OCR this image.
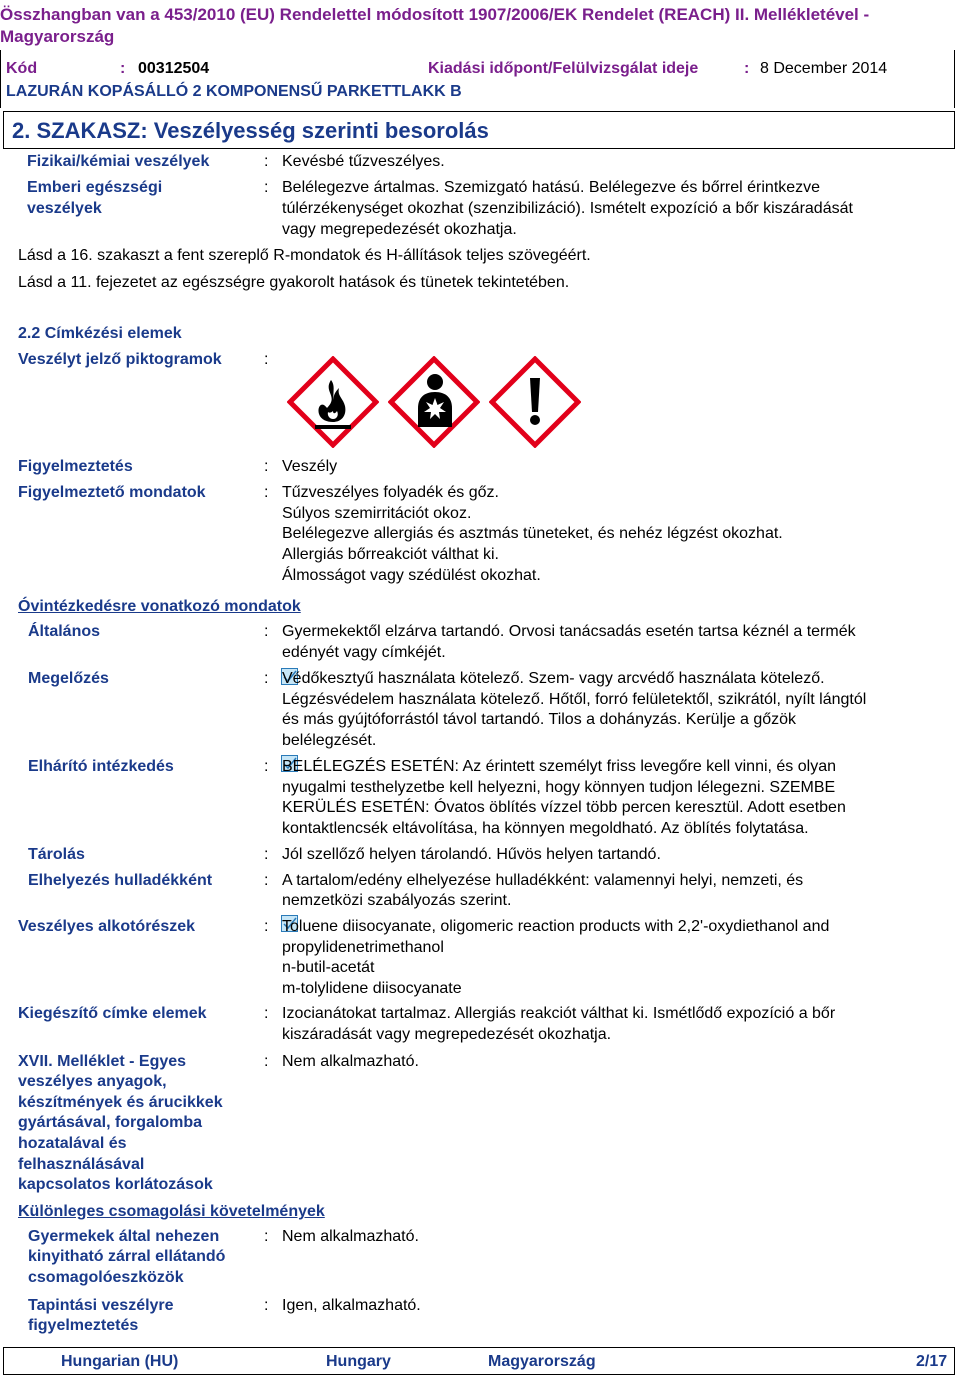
Összhangban van a 453/2010 (EU) Rendelettel módosított 1907/2006/EK Rendelet (REACH) II. Mellékletével - Magyarország
Kód	: 00312504	Kiadási időpont/Felülvizsgálat ideje	: 8 December 2014
LAZURÁN KOPÁSÁLLÓ 2 KOMPONENSŰ PARKETTLAKK B
2. SZAKASZ: Veszélyesség szerinti besorolás
Fizikai/kémiai veszélyek	: Kevésbé tűzveszélyes.
Emberi egészségi
veszélyek
: Belélegezve ártalmas. Szemizgató hatású. Belélegezve és bőrrel érintkezve
túlérzékenységet okozhat (szenzibilizáció). Ismételt expozíció a bőr kiszáradását
vagy megrepedezését okozhatja.
Lásd a 16. szakaszt a fent szereplő R-mondatok és H-állítások teljes szövegéért.
Lásd a 11. fejezetet az egészségre gyakorolt hatások és tünetek tekintetében.
2.2 Címkézési elemek
Veszélyt jelző piktogramok	:
Figyelmeztetés	: Veszély
Figyelmeztető mondatok	: Tűzveszélyes folyadék és gőz.
Súlyos szemirritációt okoz.
Belélegezve allergiás és asztmás tüneteket, és nehéz légzést okozhat.
Allergiás bőrreakciót válthat ki.
Álmosságot vagy szédülést okozhat.
Óvintézkedésre vonatkozó mondatok
Általános	: Gyermekektől elzárva tartandó. Orvosi tanácsadás esetén tartsa kéznél a termék
edényét vagy címkéjét.
Megelőzés	: Védőkesztyű használata kötelező. Szem- vagy arcvédő használata kötelező.
Légzésvédelem használata kötelező. Hőtől, forró felületektől, szikrától, nyílt lángtól
és más gyújtóforrástól távol tartandó. Tilos a dohányzás. Kerülje a gőzök
belélegzését.
Elhárító intézkedés	: BELÉLEGZÉS ESETÉN: Az érintett személyt friss levegőre kell vinni, és olyan
nyugalmi testhelyzetbe kell helyezni, hogy könnyen tudjon lélegezni. SZEMBE
KERÜLÉS ESETÉN: Óvatos öblítés vízzel több percen keresztül. Adott esetben
kontaktlencsék eltávolítása, ha könnyen megoldható. Az öblítés folytatása.
Tárolás	: Jól szellőző helyen tárolandó. Hűvös helyen tartandó.
Elhelyezés hulladékként	: A tartalom/edény elhelyezése hulladékként: valamennyi helyi, nemzeti, és
nemzetközi szabályozás szerint.
Veszélyes alkotórészek	: Toluene diisocyanate, oligomeric reaction products with 2,2'-oxydiethanol and
propylidenetrimethanol
n-butil-acetát
m-tolylidene diisocyanate
Kiegészítő címke elemek	: Izocianátokat tartalmaz. Allergiás reakciót válthat ki. Ismétlődő expozíció a bőr
kiszáradását vagy megrepedezését okozhatja.
XVII. Melléklet - Egyes
veszélyes anyagok,
készítmények és árucikkek
gyártásával, forgalomba
hozatalával és
felhasználásával
kapcsolatos korlátozások
: Nem alkalmazható.
Különleges csomagolási követelmények
Gyermekek által nehezen
kinyitható zárral ellátandó
csomagolóeszközök
: Nem alkalmazható.
Tapintási veszélyre
figyelmeztetés
: Igen, alkalmazható.
Hungarian (HU)	Hungary	Magyarország	2/17
